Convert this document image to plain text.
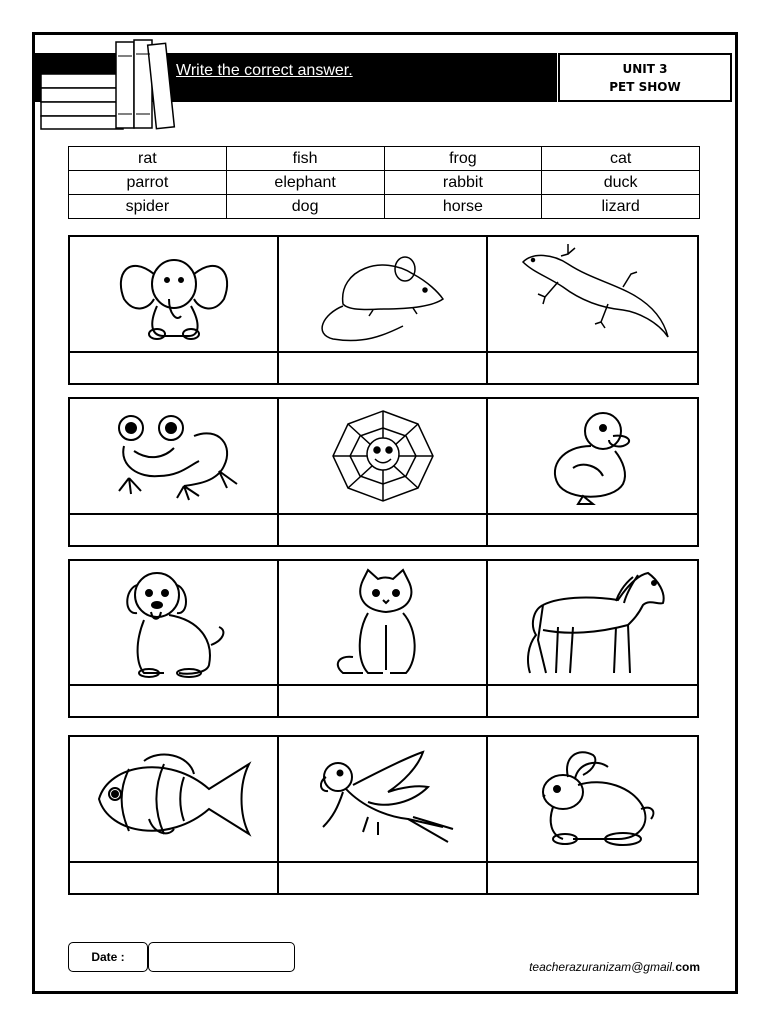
Write the correct answer.	UNIT 3
PET SHOW
rat	fish	frog	cat
parrot	elephant	rabbit	duck
spider	dog	horse	lizard
Date :
teacherazuranizam@gmail.com
